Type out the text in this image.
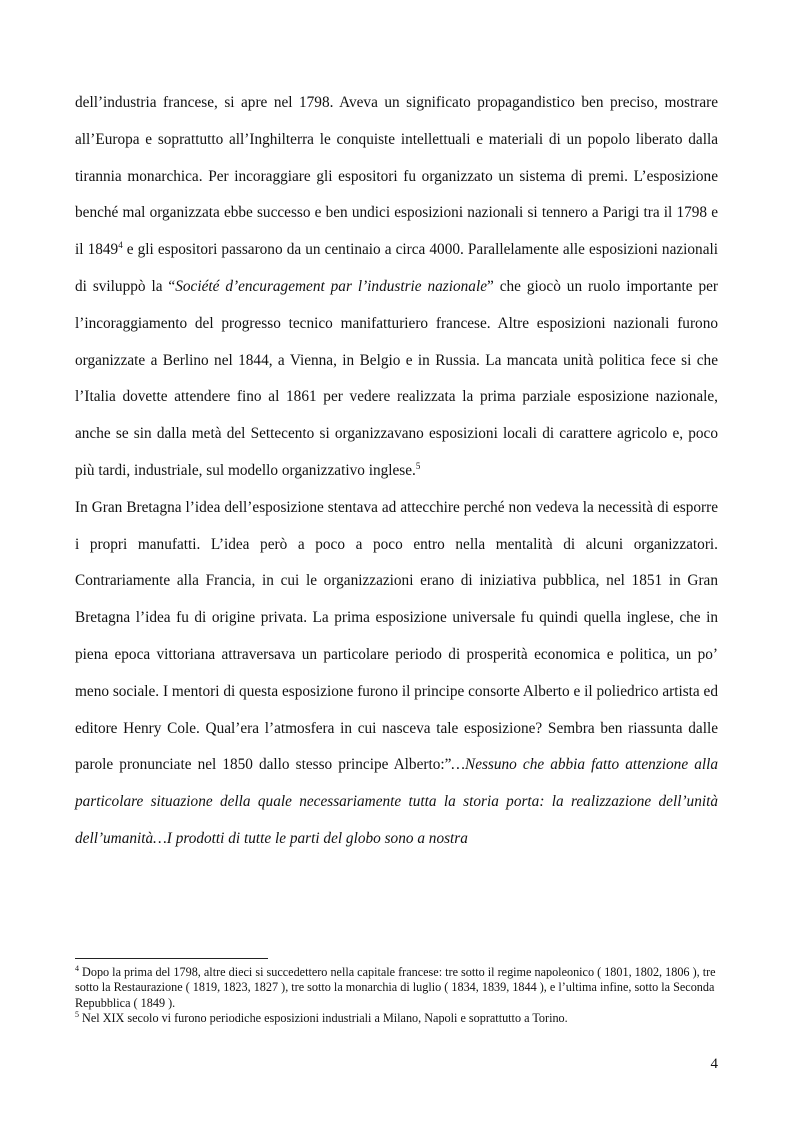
dell’industria francese, si apre nel 1798. Aveva un significato propagandistico ben preciso, mostrare all’Europa e soprattutto all’Inghilterra le conquiste intellettuali e materiali di un popolo liberato dalla tirannia monarchica. Per incoraggiare gli espositori fu organizzato un sistema di premi. L’esposizione benché mal organizzata ebbe successo e ben undici esposizioni nazionali si tennero a Parigi tra il 1798 e il 1849$^4$ e gli espositori passarono da un centinaio a circa 4000. Parallelamente alle esposizioni nazionali di sviluppò la “Société d’encuragement par l’industrie nazionale” che giocò un ruolo importante per l’incoraggiamento del progresso tecnico manifatturiero francese. Altre esposizioni nazionali furono organizzate a Berlino nel 1844, a Vienna, in Belgio e in Russia. La mancata unità politica fece si che l’Italia dovette attendere fino al 1861 per vedere realizzata la prima parziale esposizione nazionale, anche se sin dalla metà del Settecento si organizzavano esposizioni locali di carattere agricolo e, poco più tardi, industriale, sul modello organizzativo inglese.$^5$

In Gran Bretagna l’idea dell’esposizione stentava ad attecchire perché non vedeva la necessità di esporre i propri manufatti. L’idea però a poco a poco entro nella mentalità di alcuni organizzatori. Contrariamente alla Francia, in cui le organizzazioni erano di iniziativa pubblica, nel 1851 in Gran Bretagna l’idea fu di origine privata. La prima esposizione universale fu quindi quella inglese, che in piena epoca vittoriana attraversava un particolare periodo di prosperità economica e politica, un po’ meno sociale. I mentori di questa esposizione furono il principe consorte Alberto e il poliedrico artista ed editore Henry Cole. Qual’era l’atmosfera in cui nasceva tale esposizione? Sembra ben riassunta dalle parole pronunciate nel 1850 dallo stesso principe Alberto:”…Nessuno che abbia fatto attenzione alla particolare situazione della quale necessariamente tutta la storia porta: la realizzazione dell’unità dell’umanità…I prodotti di tutte le parti del globo sono a nostra

$^4$ Dopo la prima del 1798, altre dieci si succedettero nella capitale francese: tre sotto il regime napoleonico ( 1801, 1802, 1806 ), tre sotto la Restaurazione ( 1819, 1823, 1827 ), tre sotto la monarchia di luglio ( 1834, 1839, 1844 ), e l’ultima infine, sotto la Seconda Repubblica ( 1849 ).

$^5$ Nel XIX secolo vi furono periodiche esposizioni industriali a Milano, Napoli e soprattutto a Torino.

4
